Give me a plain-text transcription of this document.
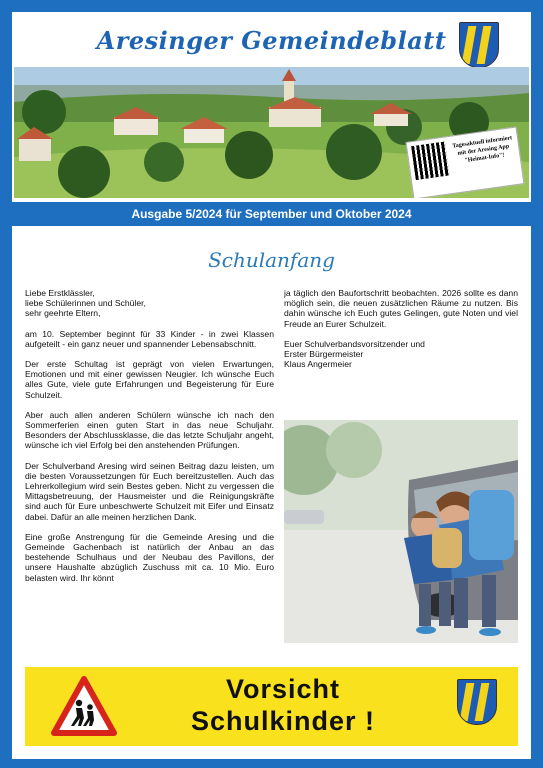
Aresinger Gemeindeblatt
Tagesaktuell informiert mit der Aresing App "Heimat-Info"!
Ausgabe 5/2024 für September und Oktober 2024
Schulanfang

Liebe Erstklässler,
liebe Schülerinnen und Schüler,
sehr geehrte Eltern,

am 10. September beginnt für 33 Kinder - in zwei Klassen aufgeteilt - ein ganz neuer und spannender Lebensabschnitt.

Der erste Schultag ist geprägt von vielen Erwartungen, Emotionen und mit einer gewissen Neugier. Ich wünsche Euch alles Gute, viele gute Erfahrungen und Begeisterung für Eure Schulzeit.

Aber auch allen anderen Schülern wünsche ich nach den Sommerferien einen guten Start in das neue Schuljahr. Besonders der Abschlussklasse, die das letzte Schuljahr angeht, wünsche ich viel Erfolg bei den anstehenden Prüfungen.

Der Schulverband Aresing wird seinen Beitrag dazu leisten, um die besten Voraussetzungen für Euch bereitzustellen. Auch das Lehrerkollegium wird sein Bestes geben. Nicht zu vergessen die Mittagsbetreuung, der Hausmeister und die Reinigungskräfte sind auch für Eure unbeschwerte Schulzeit mit Eifer und Einsatz dabei. Dafür an alle meinen herzlichen Dank.

Eine große Anstrengung für die Gemeinde Aresing und die Gemeinde Gachenbach ist natürlich der Anbau an das bestehende Schulhaus und der Neubau des Pavillons, der unsere Haushalte abzüglich Zuschuss mit ca. 10 Mio. Euro belasten wird. Ihr könnt

ja täglich den Baufortschritt beobachten. 2026 sollte es dann möglich sein, die neuen zusätzlichen Räume zu nutzen. Bis dahin wünsche ich Euch gutes Gelingen, gute Noten und viel Freude an Eurer Schulzeit.

Euer Schulverbandsvorsitzender und
Erster Bürgermeister
Klaus Angermeier

Vorsicht
Schulkinder !
